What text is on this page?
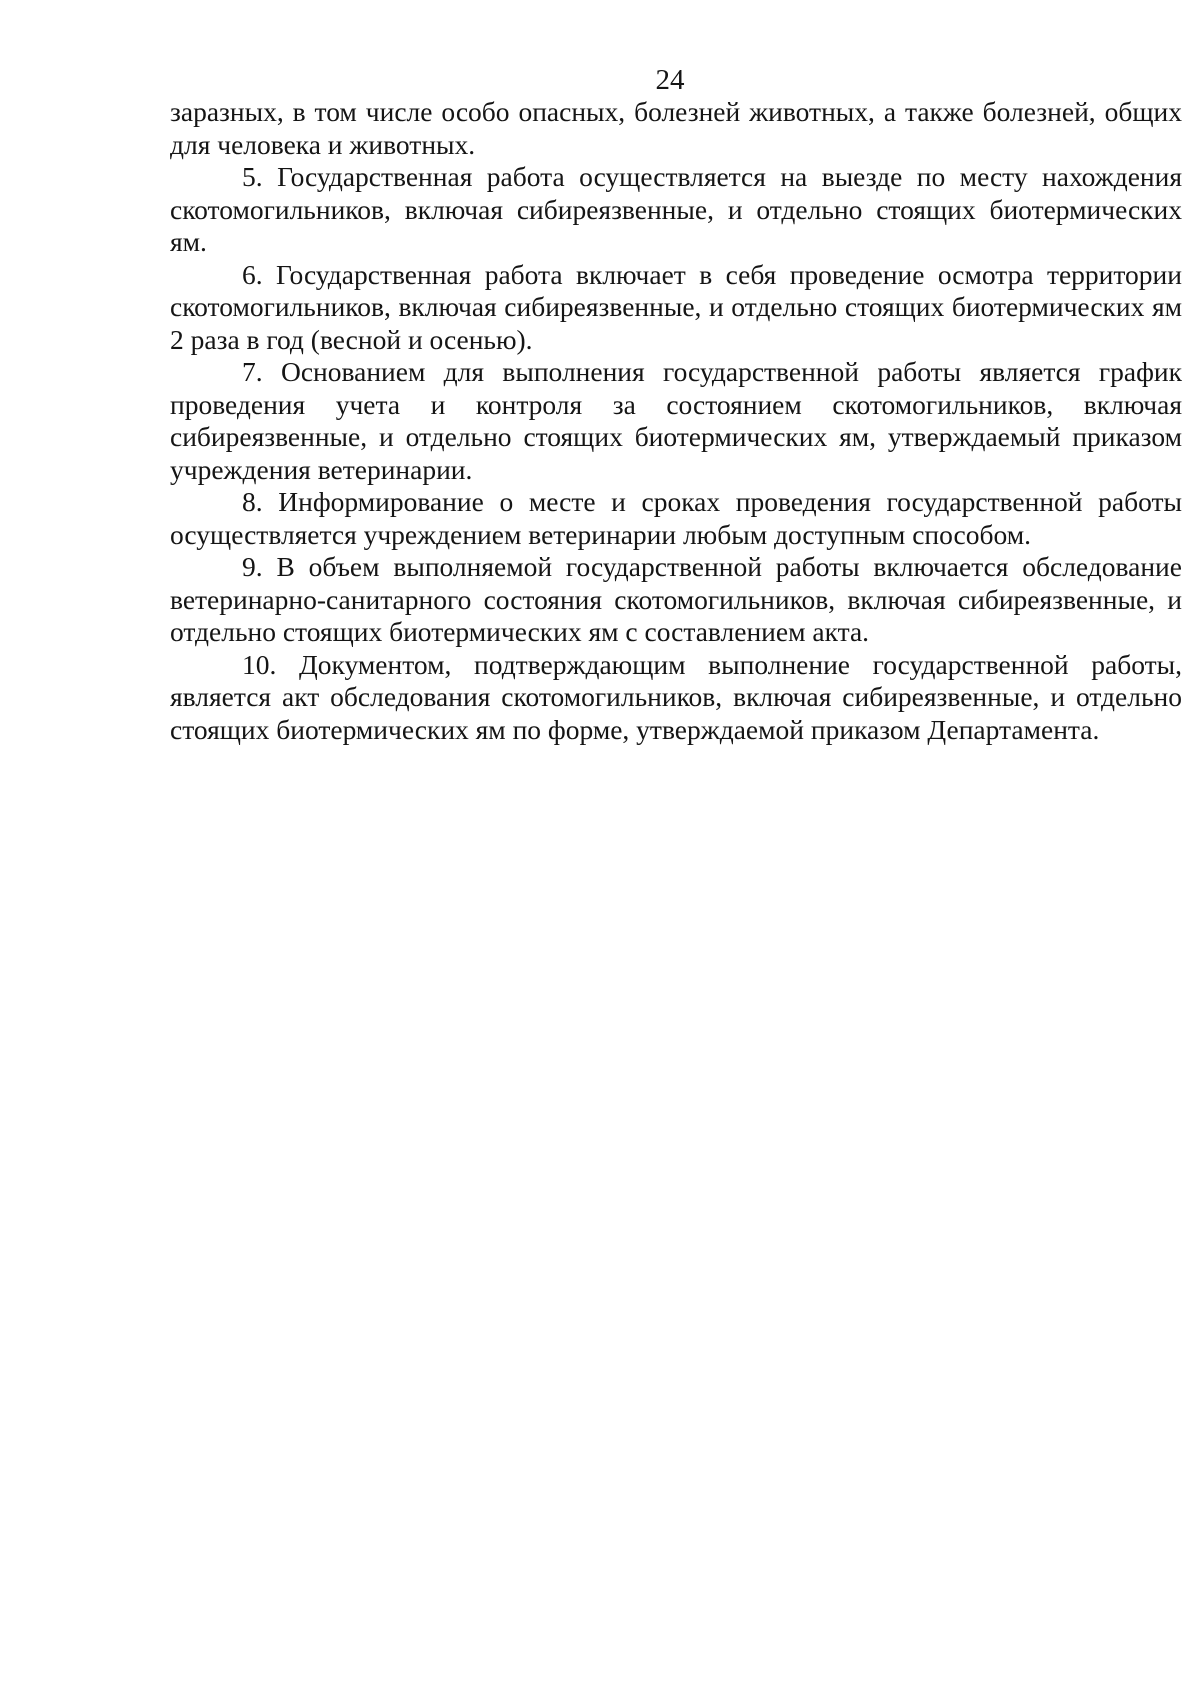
24

заразных, в том числе особо опасных, болезней животных, а также болезней, общих для человека и животных.

5. Государственная работа осуществляется на выезде по месту нахождения скотомогильников, включая сибиреязвенные, и отдельно стоящих биотермических ям.

6. Государственная работа включает в себя проведение осмотра территории скотомогильников, включая сибиреязвенные, и отдельно стоящих биотермических ям 2 раза в год (весной и осенью).

7. Основанием для выполнения государственной работы является график проведения учета и контроля за состоянием скотомогильников, включая сибиреязвенные, и отдельно стоящих биотермических ям, утверждаемый приказом учреждения ветеринарии.

8. Информирование о месте и сроках проведения государственной работы осуществляется учреждением ветеринарии любым доступным способом.

9. В объем выполняемой государственной работы включается обследование ветеринарно-санитарного состояния скотомогильников, включая сибиреязвенные, и отдельно стоящих биотермических ям с составлением акта.

10. Документом, подтверждающим выполнение государственной работы, является акт обследования скотомогильников, включая сибиреязвенные, и отдельно стоящих биотермических ям по форме, утверждаемой приказом Департамента.
